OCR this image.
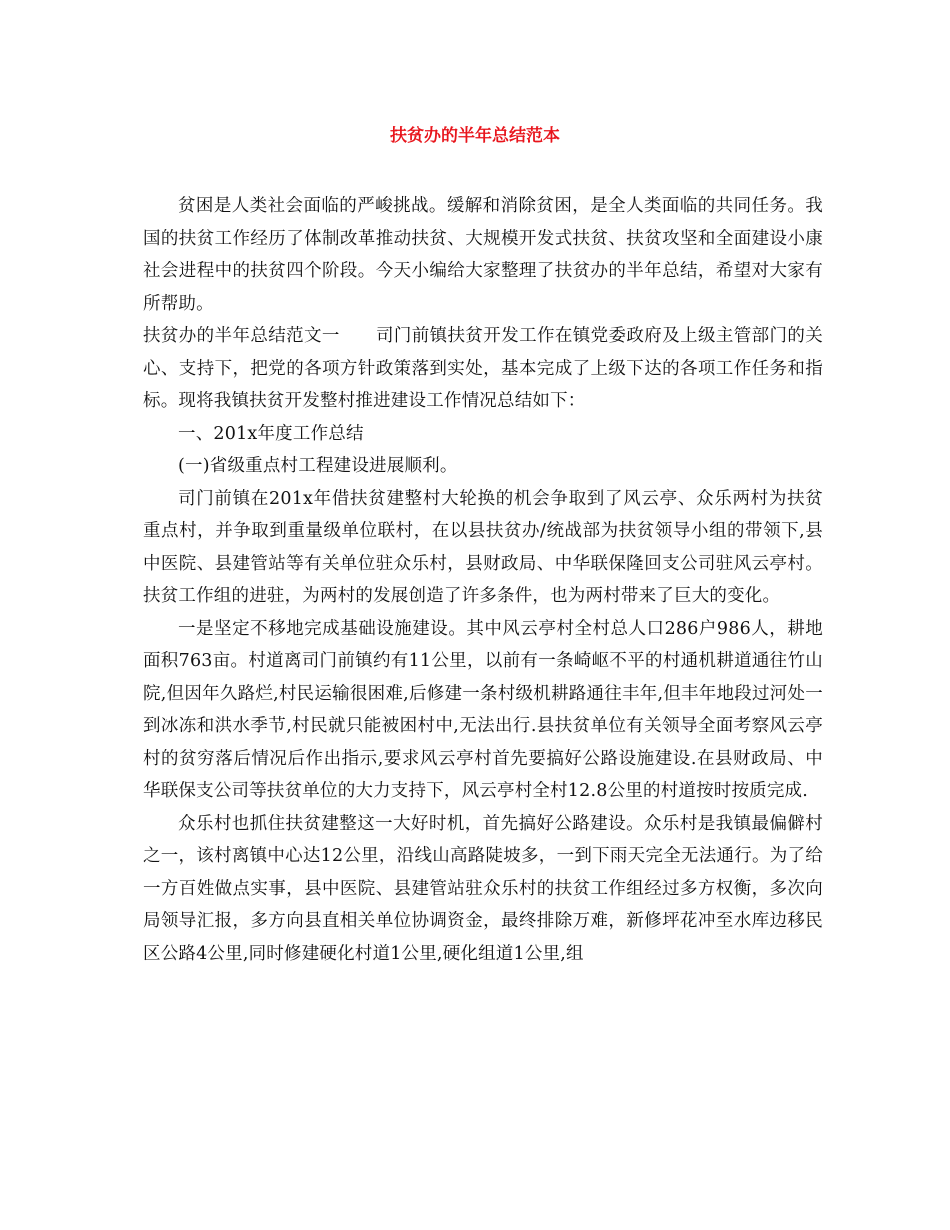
扶贫办的半年总结范本

贫困是人类社会面临的严峻挑战。缓解和消除贫困，是全人类面临的共同任务。我国的扶贫工作经历了体制改革推动扶贫、大规模开发式扶贫、扶贫攻坚和全面建设小康社会进程中的扶贫四个阶段。今天小编给大家整理了扶贫办的半年总结，希望对大家有所帮助。

扶贫办的半年总结范文一 司门前镇扶贫开发工作在镇党委政府及上级主管部门的关心、支持下，把党的各项方针政策落到实处，基本完成了上级下达的各项工作任务和指标。现将我镇扶贫开发整村推进建设工作情况总结如下：

一、201x年度工作总结

(一)省级重点村工程建设进展顺利。

司门前镇在201x年借扶贫建整村大轮换的机会争取到了风云亭、众乐两村为扶贫重点村，并争取到重量级单位联村，在以县扶贫办/统战部为扶贫领导小组的带领下,县中医院、县建管站等有关单位驻众乐村，县财政局、中华联保隆回支公司驻风云亭村。扶贫工作组的进驻，为两村的发展创造了许多条件，也为两村带来了巨大的变化。

一是坚定不移地完成基础设施建设。其中风云亭村全村总人口286户986人，耕地面积763亩。村道离司门前镇约有11公里，以前有一条崎岖不平的村通机耕道通往竹山院,但因年久路烂,村民运输很困难,后修建一条村级机耕路通往丰年,但丰年地段过河处一到冰冻和洪水季节,村民就只能被困村中,无法出行.县扶贫单位有关领导全面考察风云亭村的贫穷落后情况后作出指示,要求风云亭村首先要搞好公路设施建设.在县财政局、中华联保支公司等扶贫单位的大力支持下，风云亭村全村12.8公里的村道按时按质完成.

众乐村也抓住扶贫建整这一大好时机，首先搞好公路建设。众乐村是我镇最偏僻村之一，该村离镇中心达12公里，沿线山高路陡坡多，一到下雨天完全无法通行。为了给一方百姓做点实事，县中医院、县建管站驻众乐村的扶贫工作组经过多方权衡，多次向局领导汇报，多方向县直相关单位协调资金，最终排除万难，新修坪花冲至水库边移民区公路4公里,同时修建硬化村道1公里,硬化组道1公里,组
